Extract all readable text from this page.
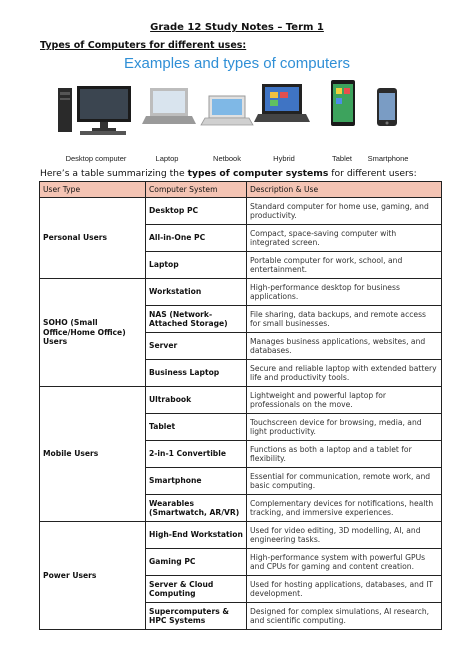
Grade 12 Study Notes – Term 1
Types of Computers for different uses:
Examples and types of computers
Desktop computer	Laptop	Netbook	Hybrid	Tablet Smartphone
Here’s a table summarizing the types of computer systems for different users:
User Type	Computer System	Description & Use
Personal Users	Desktop PC	Standard computer for home use, gaming, and productivity.
	All-in-One PC	Compact, space-saving computer with integrated screen.
	Laptop	Portable computer for work, school, and entertainment.
SOHO (Small Office/Home Office) Users	Workstation	High-performance desktop for business applications.
	NAS (Network-Attached Storage)	File sharing, data backups, and remote access for small businesses.
	Server	Manages business applications, websites, and databases.
	Business Laptop	Secure and reliable laptop with extended battery life and productivity tools.
Mobile Users	Ultrabook	Lightweight and powerful laptop for professionals on the move.
	Tablet	Touchscreen device for browsing, media, and light productivity.
	2-in-1 Convertible	Functions as both a laptop and a tablet for flexibility.
	Smartphone	Essential for communication, remote work, and basic computing.
	Wearables (Smartwatch, AR/VR)	Complementary devices for notifications, health tracking, and immersive experiences.
Power Users	High-End Workstation	Used for video editing, 3D modelling, AI, and engineering tasks.
	Gaming PC	High-performance system with powerful GPUs and CPUs for gaming and content creation.
	Server & Cloud Computing	Used for hosting applications, databases, and IT development.
	Supercomputers & HPC Systems	Designed for complex simulations, AI research, and scientific computing.
